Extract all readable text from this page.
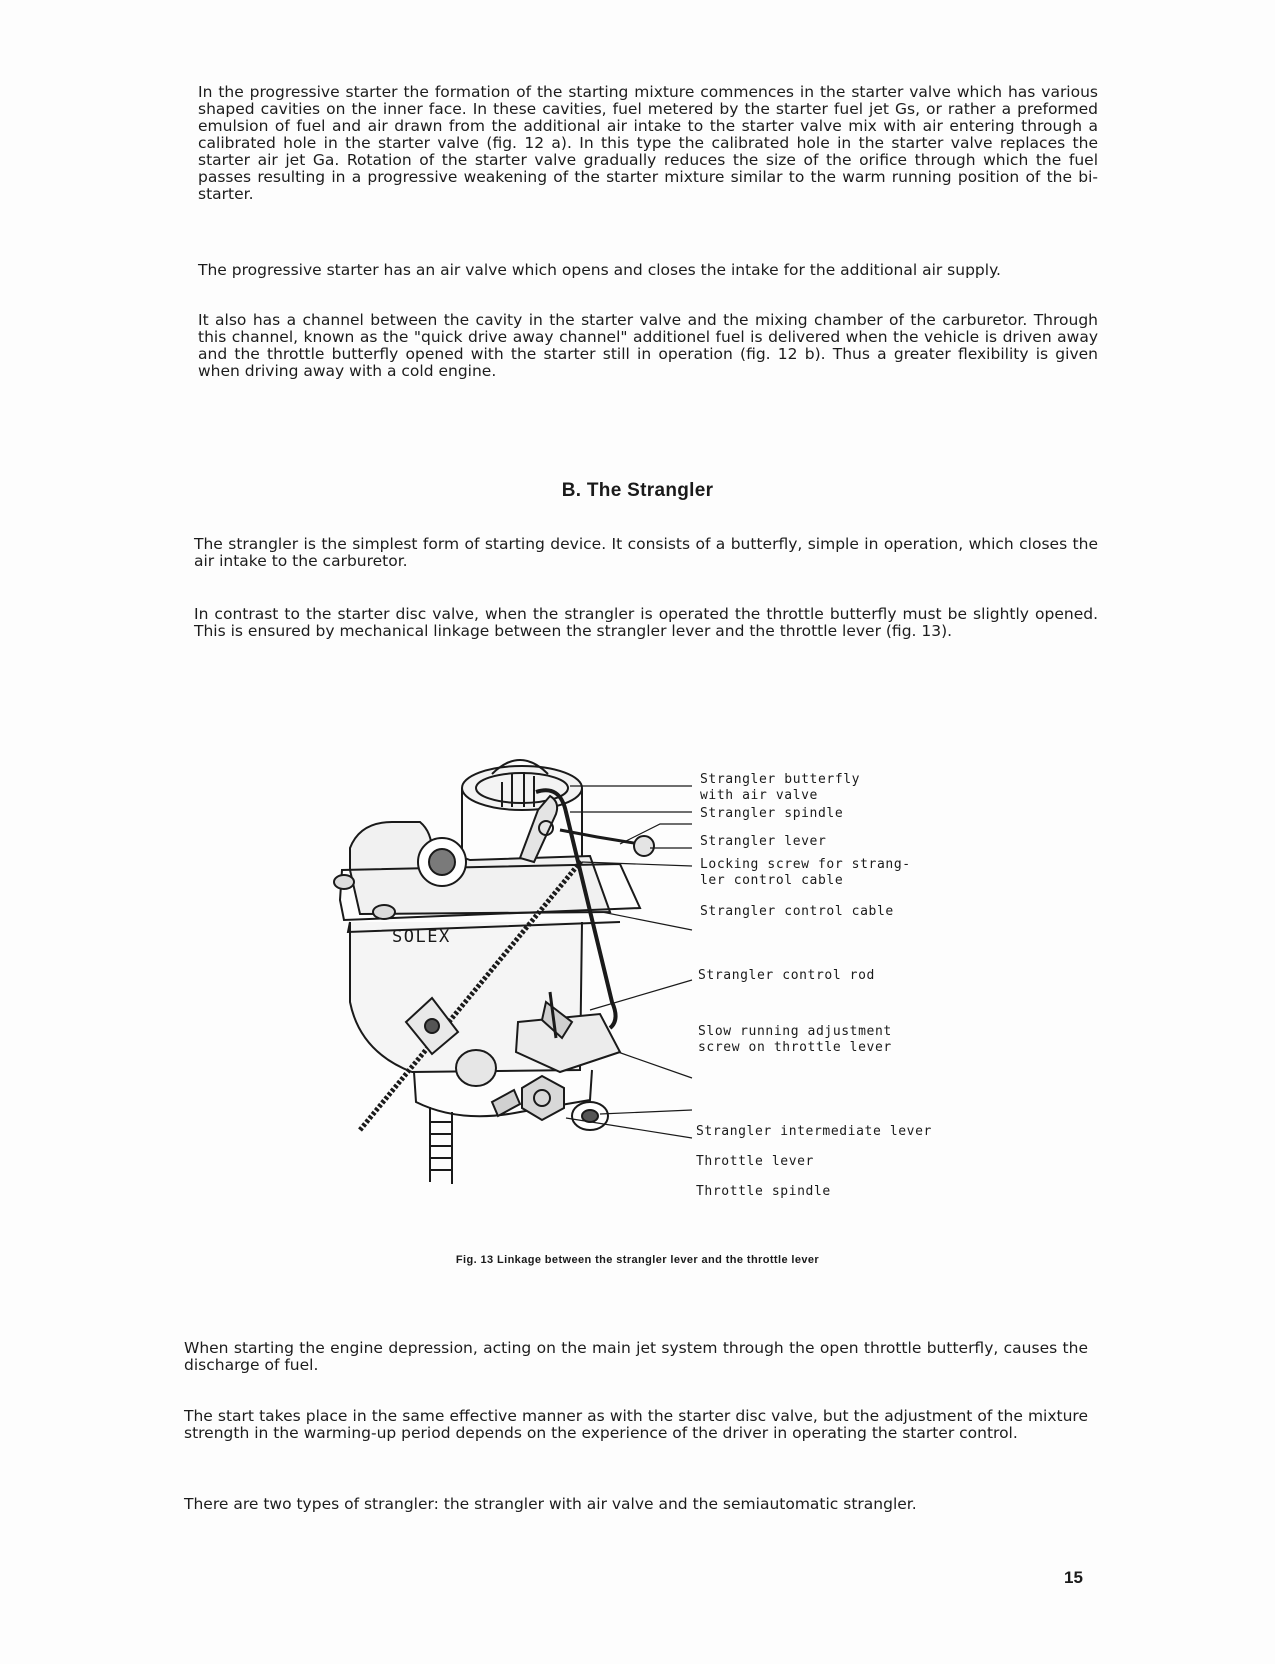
In the progressive starter the formation of the starting mixture commences in the starter valve which has various shaped cavities on the inner face. In these cavities, fuel metered by the starter fuel jet Gs, or rather a preformed emulsion of fuel and air drawn from the additional air intake to the starter valve mix with air entering through a calibrated hole in the starter valve (fig. 12 a). In this type the calibrated hole in the starter valve replaces the starter air jet Ga. Rotation of the starter valve gradually reduces the size of the orifice through which the fuel passes resulting in a progressive weakening of the starter mixture similar to the warm running position of the bi-starter.

The progressive starter has an air valve which opens and closes the intake for the additional air supply.

It also has a channel between the cavity in the starter valve and the mixing chamber of the carburetor. Through this channel, known as the "quick drive away channel" additionel fuel is delivered when the vehicle is driven away and the throttle butterfly opened with the starter still in operation (fig. 12 b). Thus a greater flexibility is given when driving away with a cold engine.

B. The Strangler

The strangler is the simplest form of starting device. It consists of a butterfly, simple in operation, which closes the air intake to the carburetor.

In contrast to the starter disc valve, when the strangler is operated the throttle butterfly must be slightly opened. This is ensured by mechanical linkage between the strangler lever and the throttle lever (fig. 13).

SOLEX
Strangler butterfly
with air valve
Strangler spindle
Strangler lever
Locking screw for strang-
ler control cable
Strangler control cable
Strangler control rod
Slow running adjustment
screw on throttle lever
Strangler intermediate lever
Throttle lever
Throttle spindle

Fig. 13 Linkage between the strangler lever and the throttle lever

When starting the engine depression, acting on the main jet system through the open throttle butterfly, causes the discharge of fuel.

The start takes place in the same effective manner as with the starter disc valve, but the adjustment of the mixture strength in the warming-up period depends on the experience of the driver in operating the starter control.

There are two types of strangler: the strangler with air valve and the semiautomatic strangler.

15
